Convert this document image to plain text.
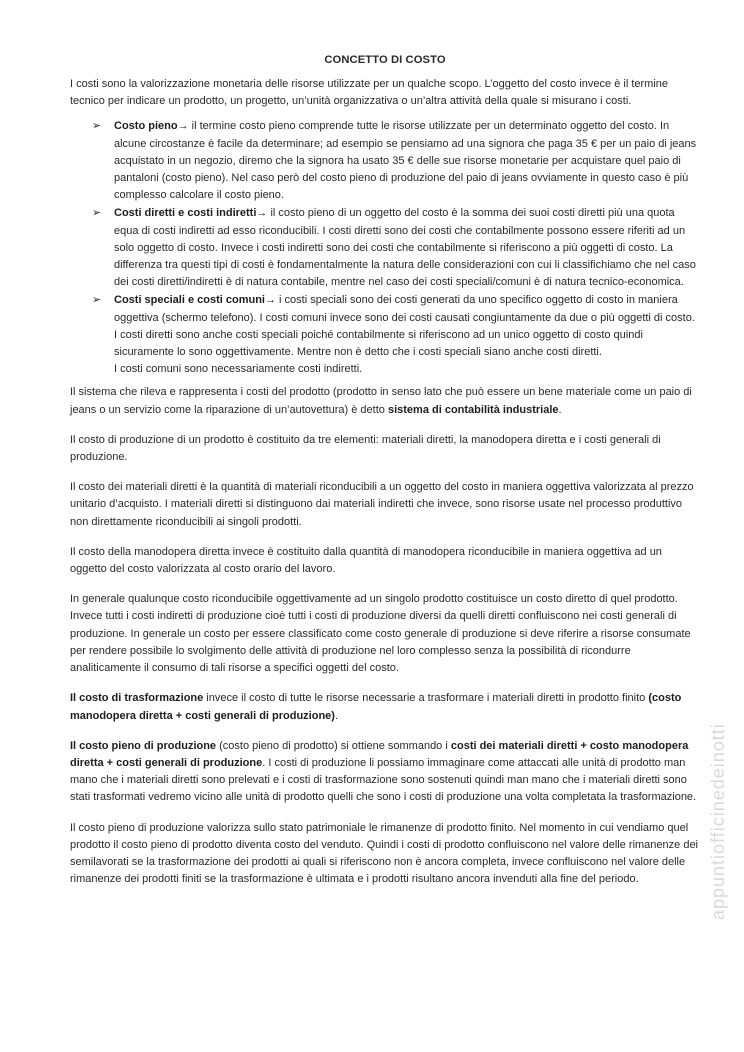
CONCETTO DI COSTO

I costi sono la valorizzazione monetaria delle risorse utilizzate per un qualche scopo. L’oggetto del costo invece è il termine tecnico per indicare un prodotto, un progetto, un’unità organizzativa o un’altra attività della quale si misurano i costi.

➢ Costo pieno→ il termine costo pieno comprende tutte le risorse utilizzate per un determinato oggetto del costo. In alcune circostanze è facile da determinare; ad esempio se pensiamo ad una signora che paga 35 € per un paio di jeans acquistato in un negozio, diremo che la signora ha usato 35 € delle sue risorse monetarie per acquistare quel paio di pantaloni (costo pieno). Nel caso però del costo pieno di produzione del paio di jeans ovviamente in questo caso è più complesso calcolare il costo pieno.
➢ Costi diretti e costi indiretti→ il costo pieno di un oggetto del costo è la somma dei suoi costi diretti più una quota equa di costi indiretti ad esso riconducibili. I costi diretti sono dei costi che contabilmente possono essere riferiti ad un solo oggetto di costo. Invece i costi indiretti sono dei costi che contabilmente si riferiscono a più oggetti di costo. La differenza tra questi tipi di costi è fondamentalmente la natura delle considerazioni con cui li classifichiamo che nel caso dei costi diretti/indiretti è di natura contabile, mentre nel caso dei costi speciali/comuni è di natura tecnico-economica.
➢ Costi speciali e costi comuni→ i costi speciali sono dei costi generati da uno specifico oggetto di costo in maniera oggettiva (schermo telefono). I costi comuni invece sono dei costi causati congiuntamente da due o più oggetti di costo. I costi diretti sono anche costi speciali poiché contabilmente si riferiscono ad un unico oggetto di costo quindi sicuramente lo sono oggettivamente. Mentre non è detto che i costi speciali siano anche costi diretti.
I costi comuni sono necessariamente costi indiretti.

Il sistema che rileva e rappresenta i costi del prodotto (prodotto in senso lato che può essere un bene materiale come un paio di jeans o un servizio come la riparazione di un’autovettura) è detto sistema di contabilità industriale.

Il costo di produzione di un prodotto è costituito da tre elementi: materiali diretti, la manodopera diretta e i costi generali di produzione.

Il costo dei materiali diretti è la quantità di materiali riconducibili a un oggetto del costo in maniera oggettiva valorizzata al prezzo unitario d’acquisto. I materiali diretti si distinguono dai materiali indiretti che invece, sono risorse usate nel processo produttivo non direttamente riconducibili ai singoli prodotti.

Il costo della manodopera diretta invece è costituito dalla quantità di manodopera riconducibile in maniera oggettiva ad un oggetto del costo valorizzata al costo orario del lavoro.

In generale qualunque costo riconducibile oggettivamente ad un singolo prodotto costituisce un costo diretto di quel prodotto. Invece tutti i costi indiretti di produzione cioè tutti i costi di produzione diversi da quelli diretti confluiscono nei costi generali di produzione. In generale un costo per essere classificato come costo generale di produzione si deve riferire a risorse consumate per rendere possibile lo svolgimento delle attività di produzione nel loro complesso senza la possibilità di ricondurre analiticamente il consumo di tali risorse a specifici oggetti del costo.

Il costo di trasformazione invece il costo di tutte le risorse necessarie a trasformare i materiali diretti in prodotto finito (costo manodopera diretta + costi generali di produzione).

Il costo pieno di produzione (costo pieno di prodotto) si ottiene sommando i costi dei materiali diretti + costo manodopera diretta + costi generali di produzione. I costi di produzione li possiamo immaginare come attaccati alle unità di prodotto man mano che i materiali diretti sono prelevati e i costi di trasformazione sono sostenuti quindi man mano che i materiali diretti sono stati trasformati vedremo vicino alle unità di prodotto quelli che sono i costi di produzione una volta completata la trasformazione.

Il costo pieno di produzione valorizza sullo stato patrimoniale le rimanenze di prodotto finito. Nel momento in cui vendiamo quel prodotto il costo pieno di prodotto diventa costo del venduto. Quindi i costi di prodotto confluiscono nel valore delle rimanenze dei semilavorati se la trasformazione dei prodotti ai quali si riferiscono non è ancora completa, invece confluiscono nel valore delle rimanenze dei prodotti finiti se la trasformazione è ultimata e i prodotti risultano ancora invenduti alla fine del periodo.	appuntiofficinedeinotti
